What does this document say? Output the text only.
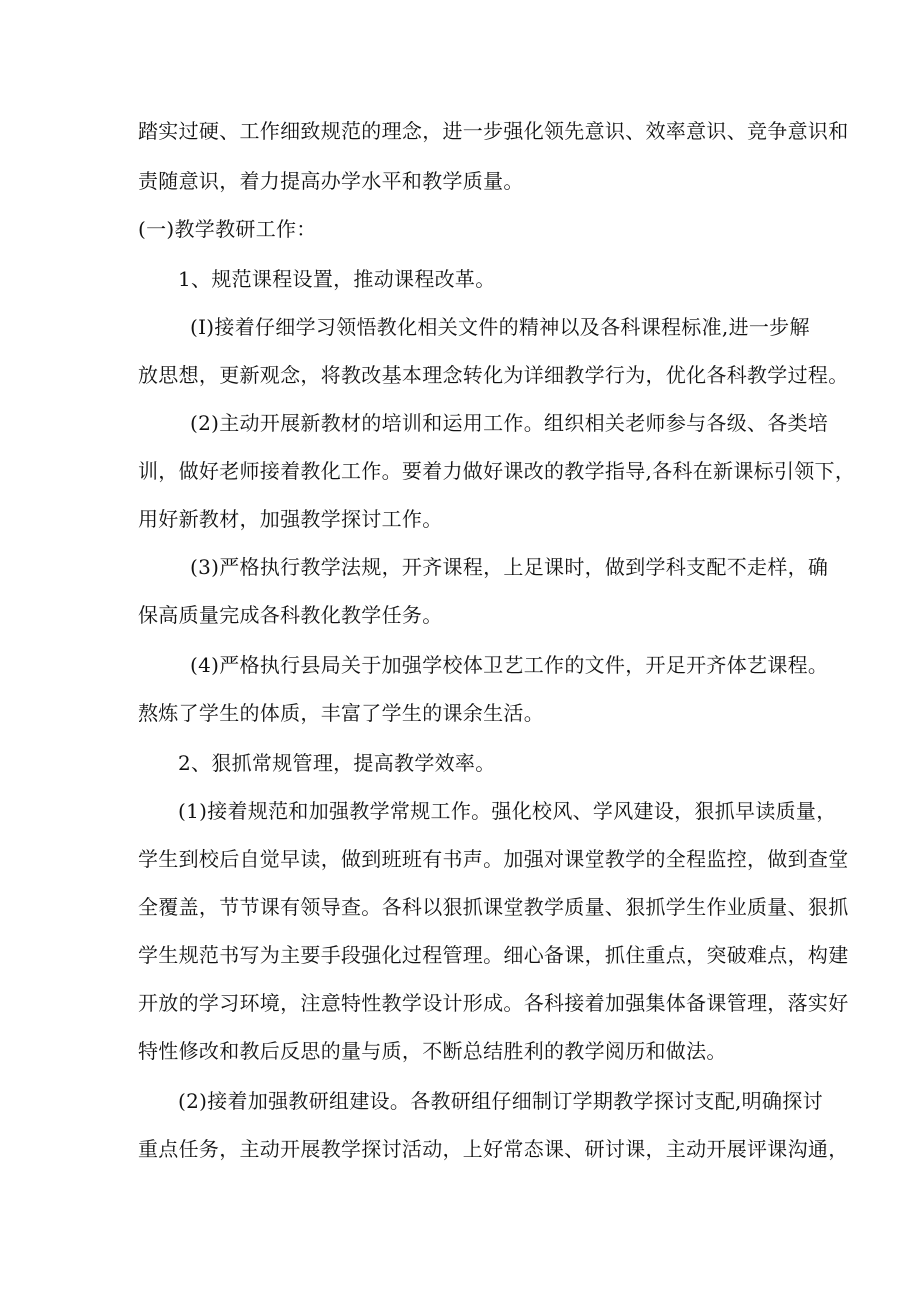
踏实过硬、工作细致规范的理念，进一步强化领先意识、效率意识、竞争意识和
责随意识，着力提高办学水平和教学质量。
(一)教学教研工作：
1、规范课程设置，推动课程改革。
(I)接着仔细学习领悟教化相关文件的精神以及各科课程标准,进一步解
放思想，更新观念，将教改基本理念转化为详细教学行为，优化各科教学过程。
(2)主动开展新教材的培训和运用工作。组织相关老师参与各级、各类培
训，做好老师接着教化工作。要着力做好课改的教学指导,各科在新课标引领下，
用好新教材，加强教学探讨工作。
(3)严格执行教学法规，开齐课程，上足课时，做到学科支配不走样，确
保高质量完成各科教化教学任务。
(4)严格执行县局关于加强学校体卫艺工作的文件，开足开齐体艺课程。
熬炼了学生的体质，丰富了学生的课余生活。
2、狠抓常规管理，提高教学效率。
(1)接着规范和加强教学常规工作。强化校风、学风建设，狠抓早读质量，
学生到校后自觉早读，做到班班有书声。加强对课堂教学的全程监控，做到查堂
全覆盖，节节课有领导查。各科以狠抓课堂教学质量、狠抓学生作业质量、狠抓
学生规范书写为主要手段强化过程管理。细心备课，抓住重点，突破难点，构建
开放的学习环境，注意特性教学设计形成。各科接着加强集体备课管理，落实好
特性修改和教后反思的量与质，不断总结胜利的教学阅历和做法。
(2)接着加强教研组建设。各教研组仔细制订学期教学探讨支配,明确探讨
重点任务，主动开展教学探讨活动，上好常态课、研讨课，主动开展评课沟通，
